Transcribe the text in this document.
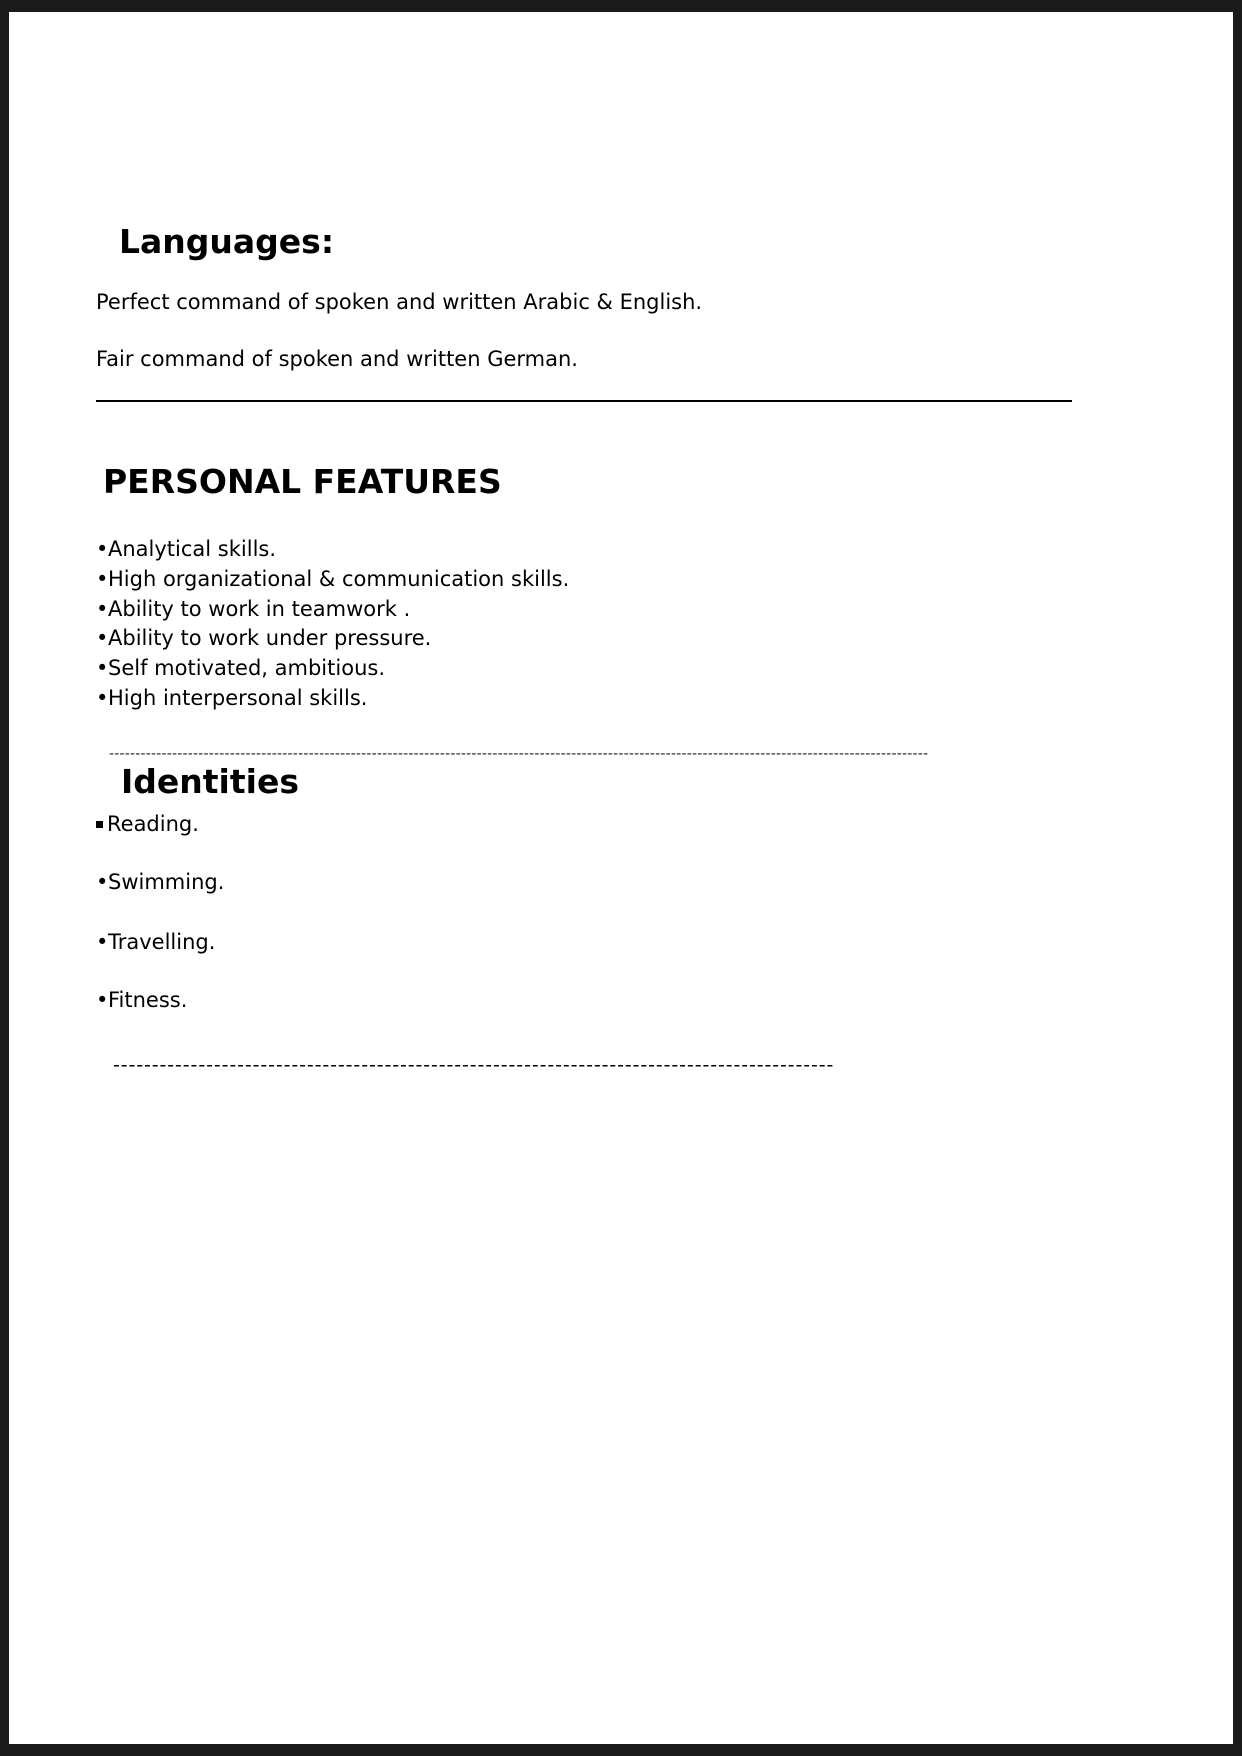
Languages:
Perfect command of spoken and written Arabic & English.
Fair command of spoken and written German.
PERSONAL FEATURES
•Analytical skills.
•High organizational & communication skills.
•Ability to work in teamwork .
•Ability to work under pressure.
•Self motivated, ambitious.
•High interpersonal skills.
------------------------------------------------------------------------------------------------------------------------------------------------------------
Identities
Reading.
•Swimming.
•Travelling.
•Fitness.
---------------------------------------------------------------------------------------------
